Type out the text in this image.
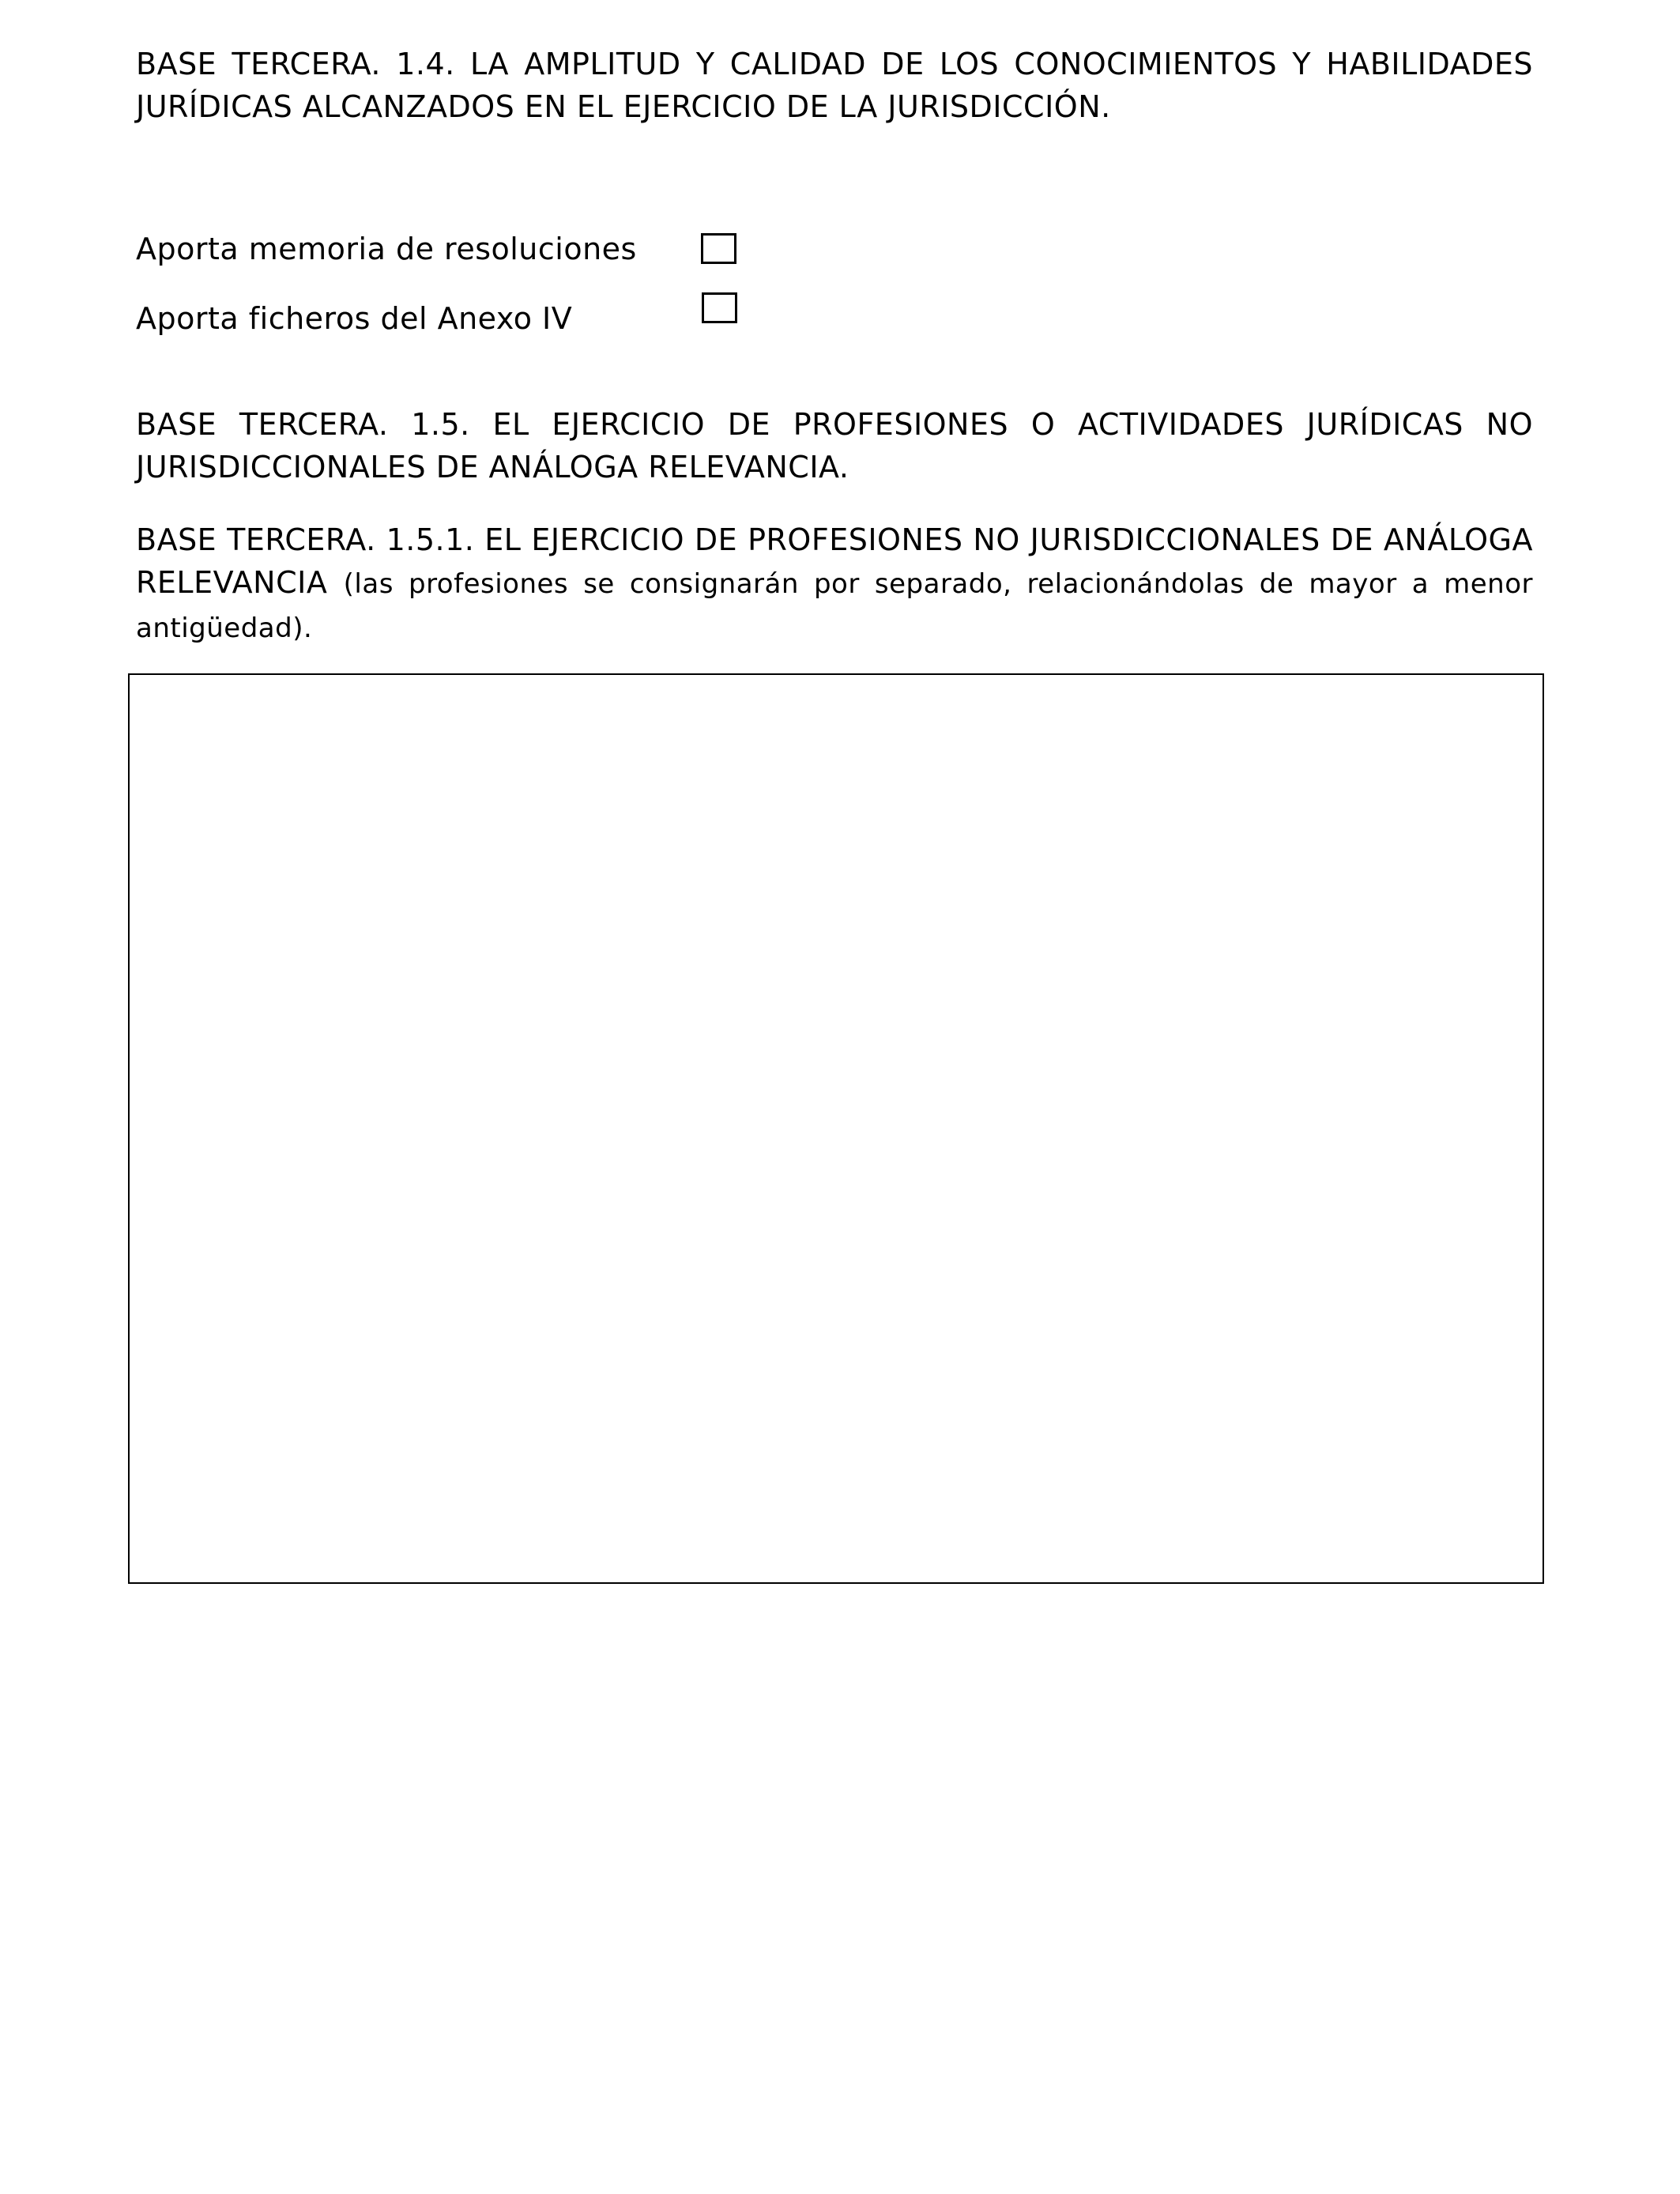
BASE TERCERA. 1.4. LA AMPLITUD Y CALIDAD DE LOS CONOCIMIENTOS Y HABILIDADES JURÍDICAS ALCANZADOS EN EL EJERCICIO DE LA JURISDICCIÓN.
Aporta memoria de resoluciones
Aporta ficheros del Anexo IV
BASE TERCERA. 1.5. EL EJERCICIO DE PROFESIONES O ACTIVIDADES JURÍDICAS NO JURISDICCIONALES DE ANÁLOGA RELEVANCIA.
BASE TERCERA. 1.5.1. EL EJERCICIO DE PROFESIONES NO JURISDICCIONALES DE ANÁLOGA RELEVANCIA (las profesiones se consignarán por separado, relacionándolas de mayor a menor antigüedad).
